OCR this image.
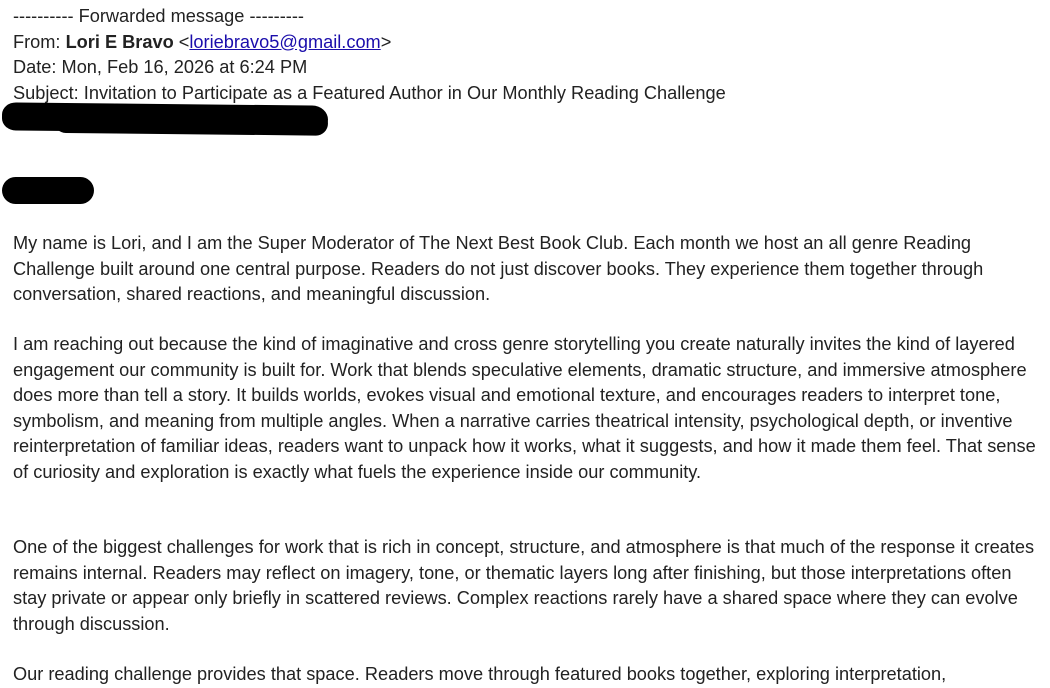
---------- Forwarded message ---------
From: Lori E Bravo <loriebravo5@gmail.com>
Date: Mon, Feb 16, 2026 at 6:24 PM
Subject: Invitation to Participate as a Featured Author in Our Monthly Reading Challenge

My name is Lori, and I am the Super Moderator of The Next Best Book Club. Each month we host an all genre Reading Challenge built around one central purpose. Readers do not just discover books. They experience them together through conversation, shared reactions, and meaningful discussion.

I am reaching out because the kind of imaginative and cross genre storytelling you create naturally invites the kind of layered engagement our community is built for. Work that blends speculative elements, dramatic structure, and immersive atmosphere does more than tell a story. It builds worlds, evokes visual and emotional texture, and encourages readers to interpret tone, symbolism, and meaning from multiple angles. When a narrative carries theatrical intensity, psychological depth, or inventive reinterpretation of familiar ideas, readers want to unpack how it works, what it suggests, and how it made them feel. That sense of curiosity and exploration is exactly what fuels the experience inside our community.

One of the biggest challenges for work that is rich in concept, structure, and atmosphere is that much of the response it creates remains internal. Readers may reflect on imagery, tone, or thematic layers long after finishing, but those interpretations often stay private or appear only briefly in scattered reviews. Complex reactions rarely have a shared space where they can evolve through discussion.

Our reading challenge provides that space. Readers move through featured books together, exploring interpretation,
